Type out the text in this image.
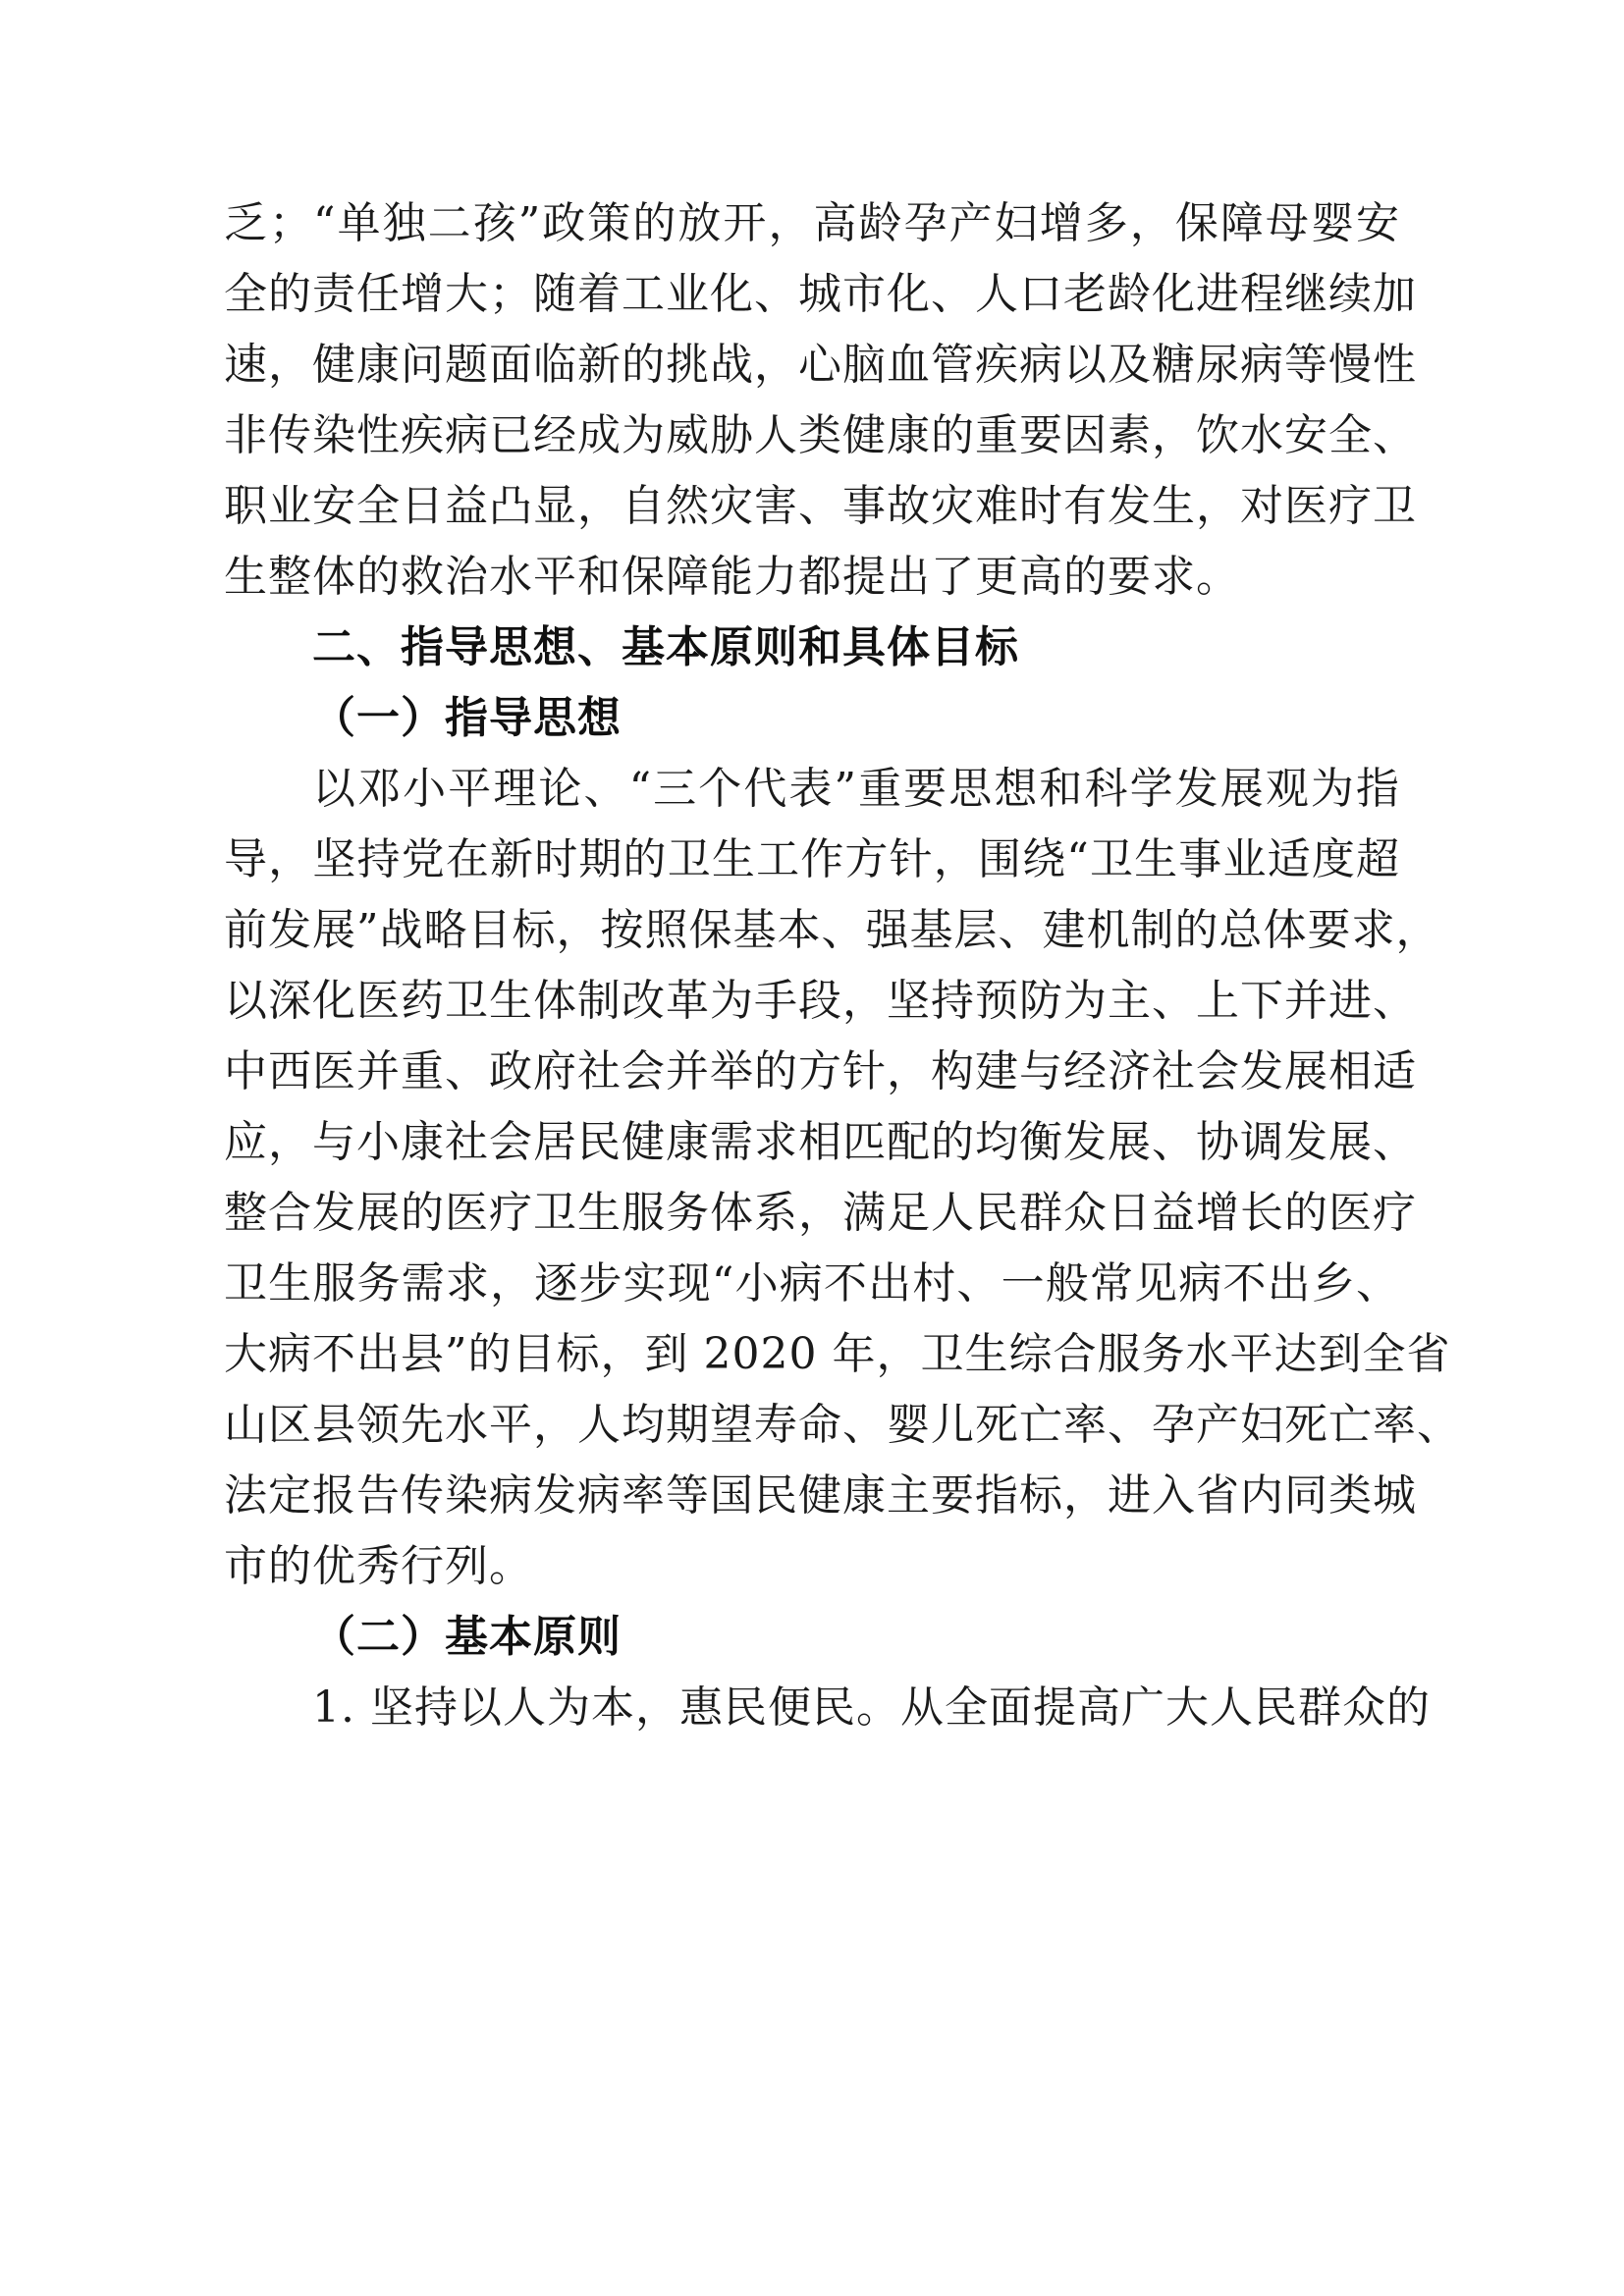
乏；“单独二孩”政策的放开，高龄孕产妇增多，保障母婴安
全的责任增大；随着工业化、城市化、人口老龄化进程继续加
速，健康问题面临新的挑战，心脑血管疾病以及糖尿病等慢性
非传染性疾病已经成为威胁人类健康的重要因素，饮水安全、
职业安全日益凸显，自然灾害、事故灾难时有发生，对医疗卫
生整体的救治水平和保障能力都提出了更高的要求。
二、指导思想、基本原则和具体目标
（一）指导思想
以邓小平理论、“三个代表”重要思想和科学发展观为指
导，坚持党在新时期的卫生工作方针，围绕“卫生事业适度超
前发展”战略目标，按照保基本、强基层、建机制的总体要求，
以深化医药卫生体制改革为手段，坚持预防为主、上下并进、
中西医并重、政府社会并举的方针，构建与经济社会发展相适
应，与小康社会居民健康需求相匹配的均衡发展、协调发展、
整合发展的医疗卫生服务体系，满足人民群众日益增长的医疗
卫生服务需求，逐步实现“小病不出村、一般常见病不出乡、
大病不出县”的目标，到 2020 年，卫生综合服务水平达到全省
山区县领先水平，人均期望寿命、婴儿死亡率、孕产妇死亡率、
法定报告传染病发病率等国民健康主要指标，进入省内同类城
市的优秀行列。
（二）基本原则
1. 坚持以人为本，惠民便民。从全面提高广大人民群众的
